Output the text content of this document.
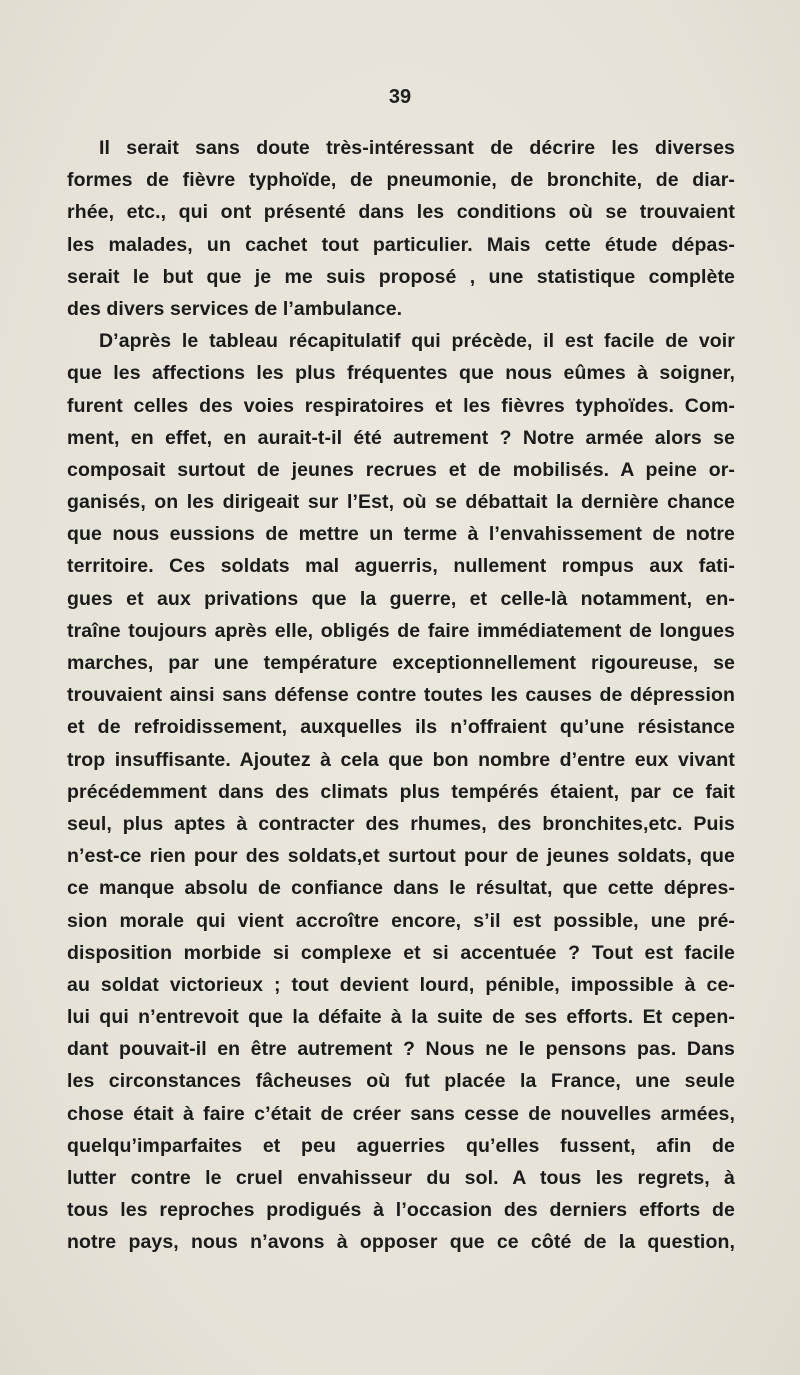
39
Il serait sans doute très-intéressant de décrire les diverses
formes de fièvre typhoïde, de pneumonie, de bronchite, de diar-
rhée, etc., qui ont présenté dans les conditions où se trouvaient
les malades, un cachet tout particulier. Mais cette étude dépas-
serait le but que je me suis proposé , une statistique complète
des divers services de l’ambulance.
D’après le tableau récapitulatif qui précède, il est facile de voir
que les affections les plus fréquentes que nous eûmes à soigner,
furent celles des voies respiratoires et les fièvres typhoïdes. Com-
ment, en effet, en aurait-t-il été autrement ? Notre armée alors se
composait surtout de jeunes recrues et de mobilisés. A peine or-
ganisés, on les dirigeait sur l’Est, où se débattait la dernière chance
que nous eussions de mettre un terme à l’envahissement de notre
territoire. Ces soldats mal aguerris, nullement rompus aux fati-
gues et aux privations que la guerre, et celle-là notamment, en-
traîne toujours après elle, obligés de faire immédiatement de longues
marches, par une température exceptionnellement rigoureuse, se
trouvaient ainsi sans défense contre toutes les causes de dépression
et de refroidissement, auxquelles ils n’offraient qu’une résistance
trop insuffisante. Ajoutez à cela que bon nombre d’entre eux vivant
précédemment dans des climats plus tempérés étaient, par ce fait
seul, plus aptes à contracter des rhumes, des bronchites,etc. Puis
n’est-ce rien pour des soldats,et surtout pour de jeunes soldats, que
ce manque absolu de confiance dans le résultat, que cette dépres-
sion morale qui vient accroître encore, s’il est possible, une pré-
disposition morbide si complexe et si accentuée ? Tout est facile
au soldat victorieux ; tout devient lourd, pénible, impossible à ce-
lui qui n’entrevoit que la défaite à la suite de ses efforts. Et cepen-
dant pouvait-il en être autrement ? Nous ne le pensons pas. Dans
les circonstances fâcheuses où fut placée la France, une seule
chose était à faire c’était de créer sans cesse de nouvelles armées,
quelqu’imparfaites et peu aguerries qu’elles fussent, afin de
lutter contre le cruel envahisseur du sol. A tous les regrets, à
tous les reproches prodigués à l’occasion des derniers efforts de
notre pays, nous n’avons à opposer que ce côté de la question,
